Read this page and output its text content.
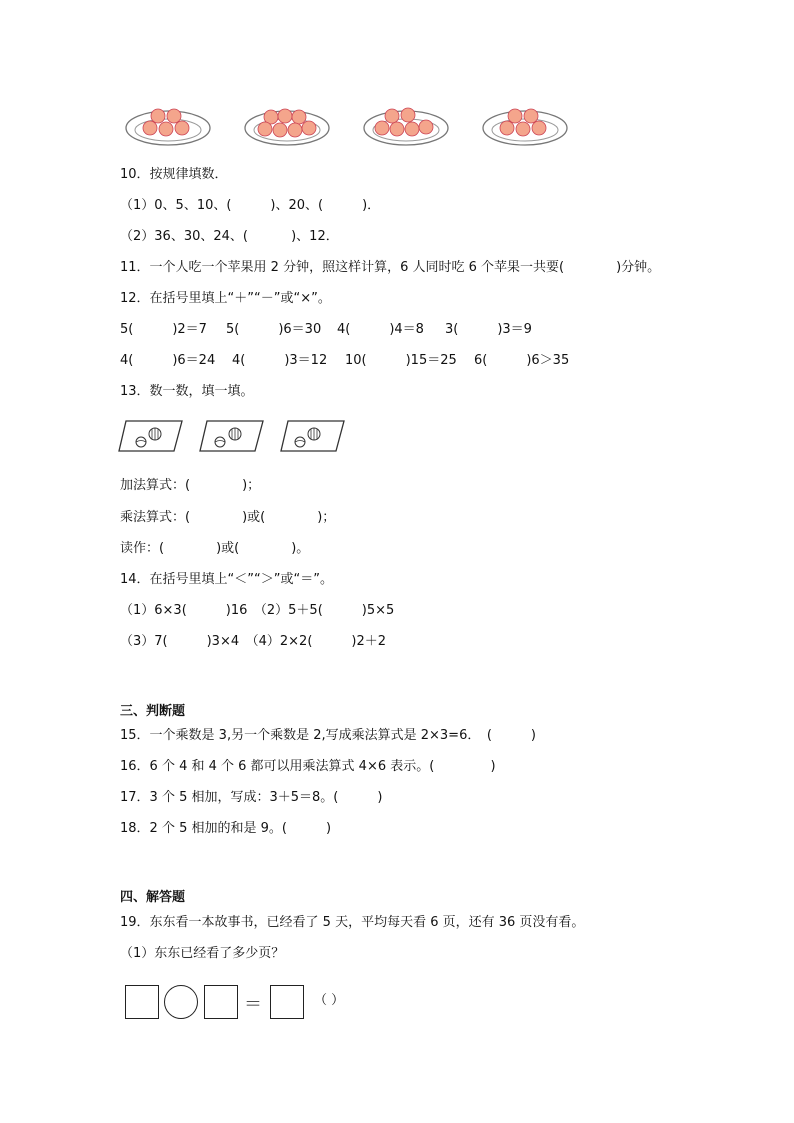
10．按规律填数．
（1）0、5、10、(　　　)、20、(　　　)．
（2）36、30、24、(　　　 )、12．
11．一个人吃一个苹果用 2 分钟，照这样计算，6 人同时吃 6 个苹果一共要(　　　　)分钟。
12．在括号里填上“＋”“－”或“×”。
5(　　　)2＝7 5(　　　)6＝30 4(　　　)4＝8 3(　　　)3＝9
4(　　　)6＝24 4(　　　)3＝12 10(　　　)15＝25 6(　　　)6＞35
13．数一数，填一填。
加法算式：(　　　　)；
乘法算式：(　　　　)或(　　　　)；
读作：(　　　　)或(　　　　)。
14．在括号里填上“＜”“＞”或“＝”。
（1）6×3(　　　)16　（2）5＋5(　　　)5×5
（3）7(　　　)3×4　（4）2×2(　　　)2＋2
三、判断题
15．一个乘数是 3,另一个乘数是 2,写成乘法算式是 2×3=6．　(　　　)
16．6 个 4 和 4 个 6 都可以用乘法算式 4×6 表示。(　　　　 )
17．3 个 5 相加，写成：3＋5＝8。(　　　)
18．2 个 5 相加的和是 9。(　　　)
四、解答题
19．东东看一本故事书，已经看了 5 天，平均每天看 6 页，还有 36 页没有看。
（1）东东已经看了多少页？
＝	（ ）
